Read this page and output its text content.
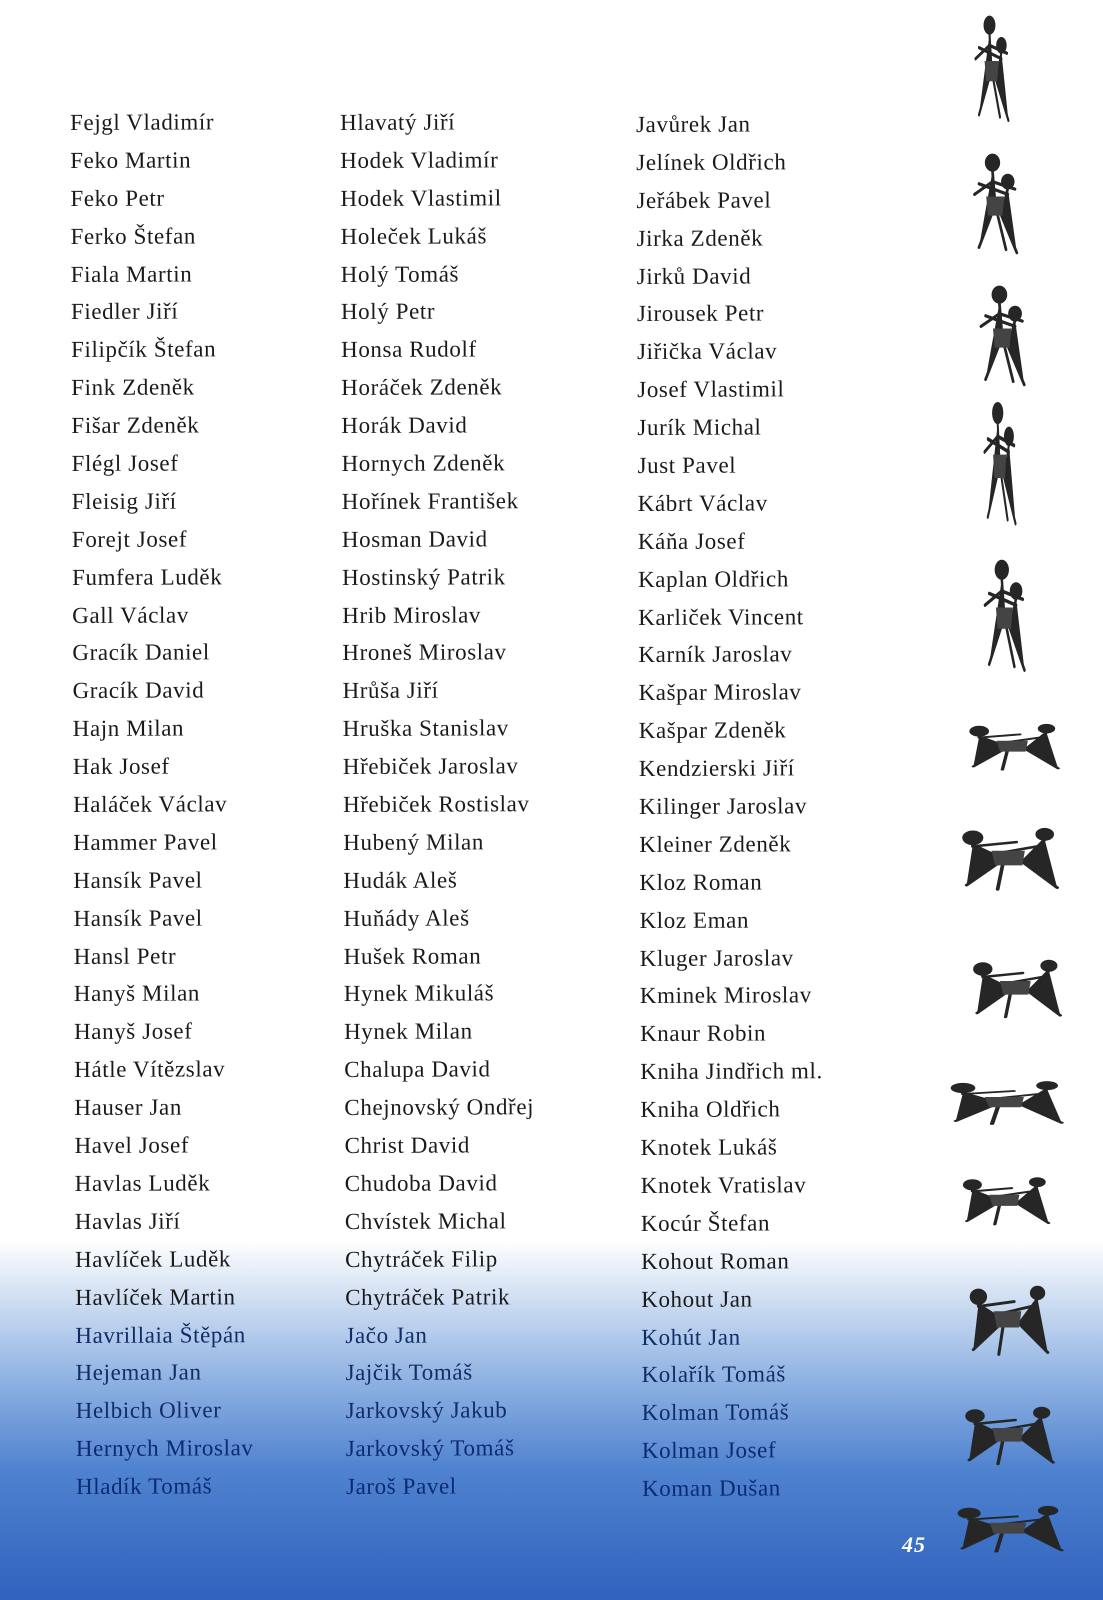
Fejgl Vladimír
Feko Martin
Feko Petr
Ferko Štefan
Fiala Martin
Fiedler Jiří
Filipčík Štefan
Fink Zdeněk
Fišar Zdeněk
Flégl Josef
Fleisig Jiří
Forejt Josef
Fumfera Luděk
Gall Václav
Gracík Daniel
Gracík David
Hajn Milan
Hak Josef
Haláček Václav
Hammer Pavel
Hansík Pavel
Hansík Pavel
Hansl Petr
Hanyš Milan
Hanyš Josef
Hátle Vítězslav
Hauser Jan
Havel Josef
Havlas Luděk
Havlas Jiří
Havlíček Luděk
Havlíček Martin
Havrillaia Štěpán
Hejeman Jan
Helbich Oliver
Hernych Miroslav
Hladík Tomáš
Hlavatý Jiří
Hodek Vladimír
Hodek Vlastimil
Holeček Lukáš
Holý Tomáš
Holý Petr
Honsa Rudolf
Horáček Zdeněk
Horák David
Hornych Zdeněk
Hořínek František
Hosman David
Hostinský Patrik
Hrib Miroslav
Hroneš Miroslav
Hrůša Jiří
Hruška Stanislav
Hřebiček Jaroslav
Hřebiček Rostislav
Hubený Milan
Hudák Aleš
Huňády Aleš
Hušek Roman
Hynek Mikuláš
Hynek Milan
Chalupa David
Chejnovský Ondřej
Christ David
Chudoba David
Chvístek Michal
Chytráček Filip
Chytráček Patrik
Jačo Jan
Jajčik Tomáš
Jarkovský Jakub
Jarkovský Tomáš
Jaroš Pavel
Javůrek Jan
Jelínek Oldřich
Jeřábek Pavel
Jirka Zdeněk
Jirků David
Jirousek Petr
Jiřička Václav
Josef Vlastimil
Jurík Michal
Just Pavel
Kábrt Václav
Káňa Josef
Kaplan Oldřich
Karliček Vincent
Karník Jaroslav
Kašpar Miroslav
Kašpar Zdeněk
Kendzierski Jiří
Kilinger Jaroslav
Kleiner Zdeněk
Kloz Roman
Kloz Eman
Kluger Jaroslav
Kminek Miroslav
Knaur Robin
Kniha Jindřich ml.
Kniha Oldřich
Knotek Lukáš
Knotek Vratislav
Kocúr Štefan
Kohout Roman
Kohout Jan
Kohút Jan
Kolařík Tomáš
Kolman Tomáš
Kolman Josef
Koman Dušan
45
